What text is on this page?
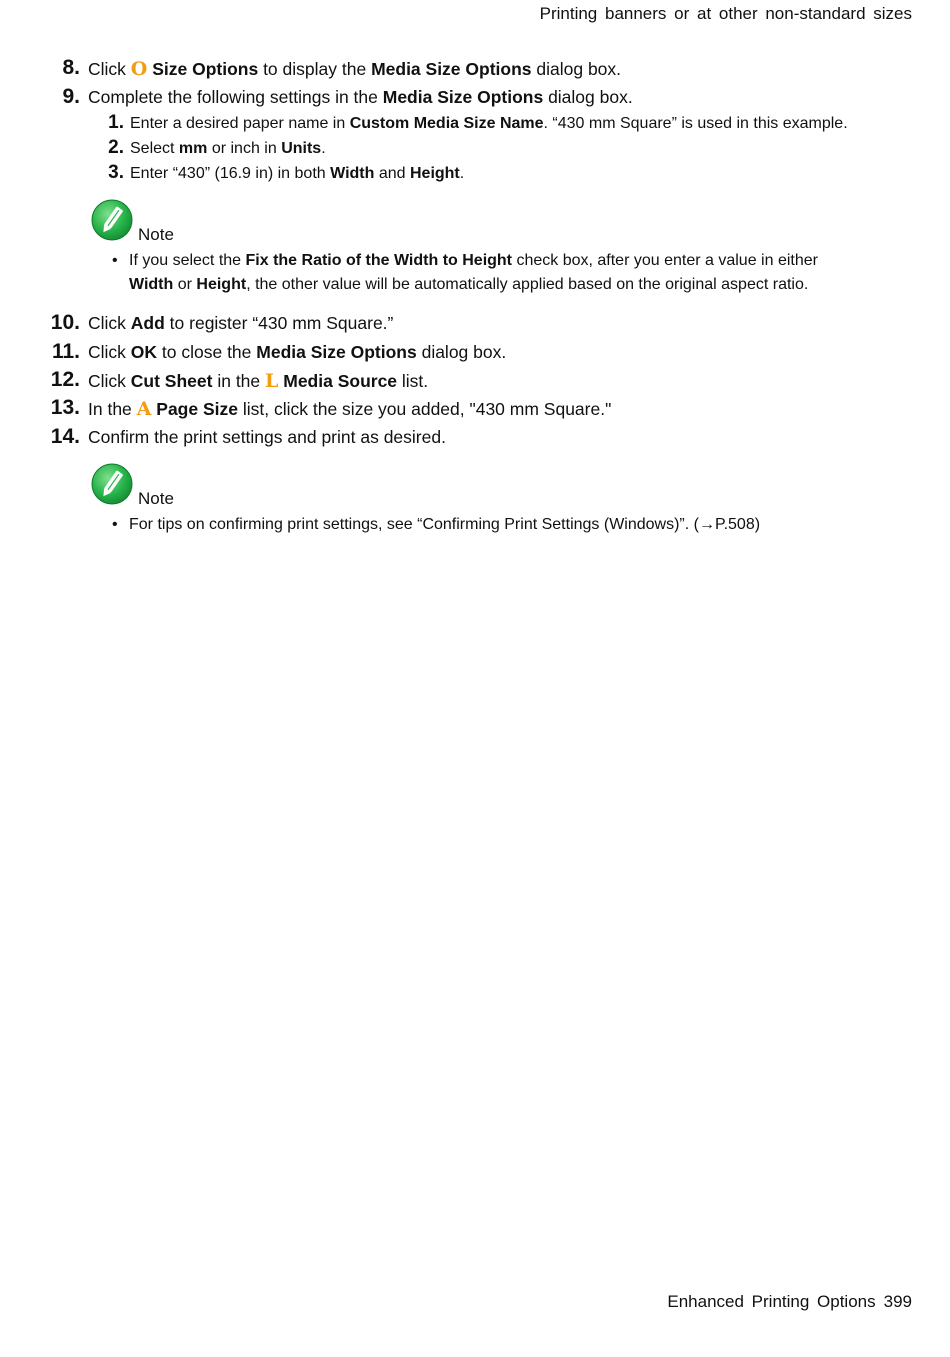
Printing banners or at other non-standard sizes
8. Click O Size Options to display the Media Size Options dialog box.
9. Complete the following settings in the Media Size Options dialog box.
1. Enter a desired paper name in Custom Media Size Name. “430 mm Square” is used in this example.
2. Select mm or inch in Units.
3. Enter “430” (16.9 in) in both Width and Height.
Note
• If you select the Fix the Ratio of the Width to Height check box, after you enter a value in either
Width or Height, the other value will be automatically applied based on the original aspect ratio.
10. Click Add to register “430 mm Square.”
11. Click OK to close the Media Size Options dialog box.
12. Click Cut Sheet in the L Media Source list.
13. In the A Page Size list, click the size you added, "430 mm Square."
14. Confirm the print settings and print as desired.
Note
• For tips on confirming print settings, see “Confirming Print Settings (Windows)”. (→P.508)
Enhanced Printing Options 399
